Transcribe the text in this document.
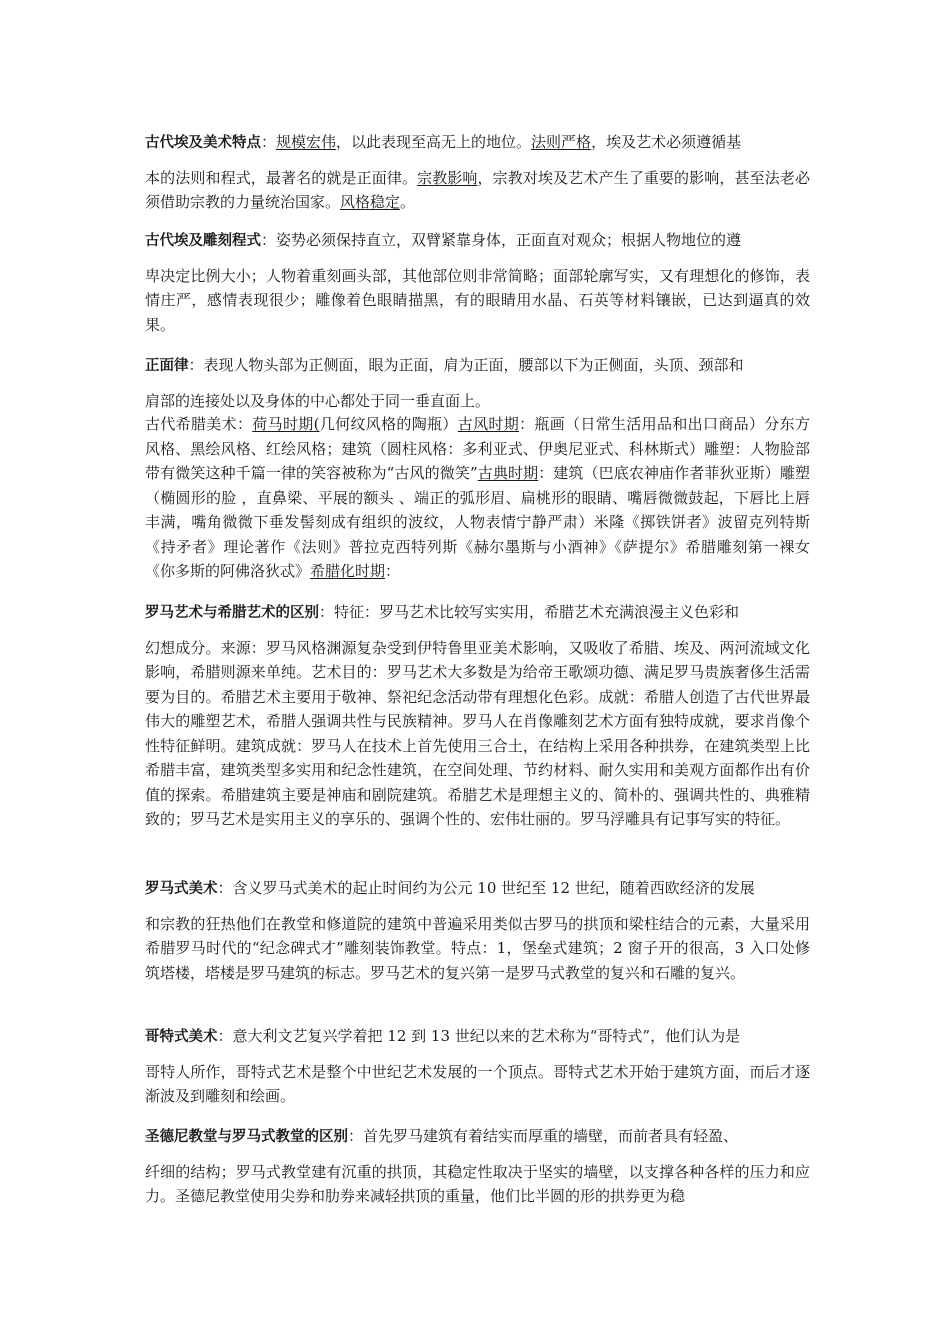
古代埃及美术特点：规模宏伟，以此表现至高无上的地位。法则严格，埃及艺术必须遵循基
本的法则和程式，最著名的就是正面律。宗教影响，宗教对埃及艺术产生了重要的影响，甚至法老必须借助宗教的力量统治国家。风格稳定。
古代埃及雕刻程式：姿势必须保持直立，双臂紧靠身体，正面直对观众；根据人物地位的遵
卑决定比例大小；人物着重刻画头部，其他部位则非常简略；面部轮廓写实，又有理想化的修饰，表情庄严，感情表现很少；雕像着色眼睛描黑，有的眼睛用水晶、石英等材料镶嵌，已达到逼真的效果。
正面律：表现人物头部为正侧面，眼为正面，肩为正面，腰部以下为正侧面，头顶、颈部和
肩部的连接处以及身体的中心都处于同一垂直面上。
古代希腊美术：荷马时期(几何纹风格的陶瓶）古风时期：瓶画（日常生活用品和出口商品）分东方风格、黑绘风格、红绘风格；建筑（圆柱风格：多利亚式、伊奥尼亚式、科林斯式）雕塑：人物脸部带有微笑这种千篇一律的笑容被称为“古风的微笑”古典时期：建筑（巴底农神庙作者菲狄亚斯）雕塑（椭圆形的脸 ，直鼻梁、平展的额头 、端正的弧形眉、扁桃形的眼睛、嘴唇微微鼓起，下唇比上唇丰满，嘴角微微下垂发髻刻成有组织的波纹，人物表情宁静严肃）米隆《掷铁饼者》波留克列特斯《持矛者》理论著作《法则》普拉克西特列斯《赫尔墨斯与小酒神》《萨提尔》希腊雕刻第一裸女《你多斯的阿佛洛狄忒》希腊化时期：
罗马艺术与希腊艺术的区别：特征：罗马艺术比较写实实用，希腊艺术充满浪漫主义色彩和
幻想成分。来源：罗马风格渊源复杂受到伊特鲁里亚美术影响，又吸收了希腊、埃及、两河流域文化影响，希腊则源来单纯。艺术目的：罗马艺术大多数是为给帝王歌颂功德、满足罗马贵族奢侈生活需要为目的。希腊艺术主要用于敬神、祭祀纪念活动带有理想化色彩。成就：希腊人创造了古代世界最伟大的雕塑艺术，希腊人强调共性与民族精神。罗马人在肖像雕刻艺术方面有独特成就，要求肖像个性特征鲜明。建筑成就：罗马人在技术上首先使用三合土，在结构上采用各种拱券，在建筑类型上比希腊丰富，建筑类型多实用和纪念性建筑，在空间处理、节约材料、耐久实用和美观方面都作出有价值的探索。希腊建筑主要是神庙和剧院建筑。希腊艺术是理想主义的、简朴的、强调共性的、典雅精致的；罗马艺术是实用主义的享乐的、强调个性的、宏伟壮丽的。罗马浮雕具有记事写实的特征。
罗马式美术：含义罗马式美术的起止时间约为公元 10 世纪至 12 世纪，随着西欧经济的发展
和宗教的狂热他们在教堂和修道院的建筑中普遍采用类似古罗马的拱顶和梁柱结合的元素，大量采用希腊罗马时代的“纪念碑式才”雕刻装饰教堂。特点：1，堡垒式建筑；2 窗子开的很高，3 入口处修筑塔楼，塔楼是罗马建筑的标志。罗马艺术的复兴第一是罗马式教堂的复兴和石雕的复兴。
哥特式美术：意大利文艺复兴学着把 12 到 13 世纪以来的艺术称为“哥特式”，他们认为是
哥特人所作，哥特式艺术是整个中世纪艺术发展的一个顶点。哥特式艺术开始于建筑方面，而后才逐渐波及到雕刻和绘画。
圣德尼教堂与罗马式教堂的区别：首先罗马建筑有着结实而厚重的墙壁，而前者具有轻盈、
纤细的结构；罗马式教堂建有沉重的拱顶，其稳定性取决于坚实的墙壁，以支撑各种各样的压力和应力。圣德尼教堂使用尖券和肋券来减轻拱顶的重量，他们比半圆的形的拱券更为稳
